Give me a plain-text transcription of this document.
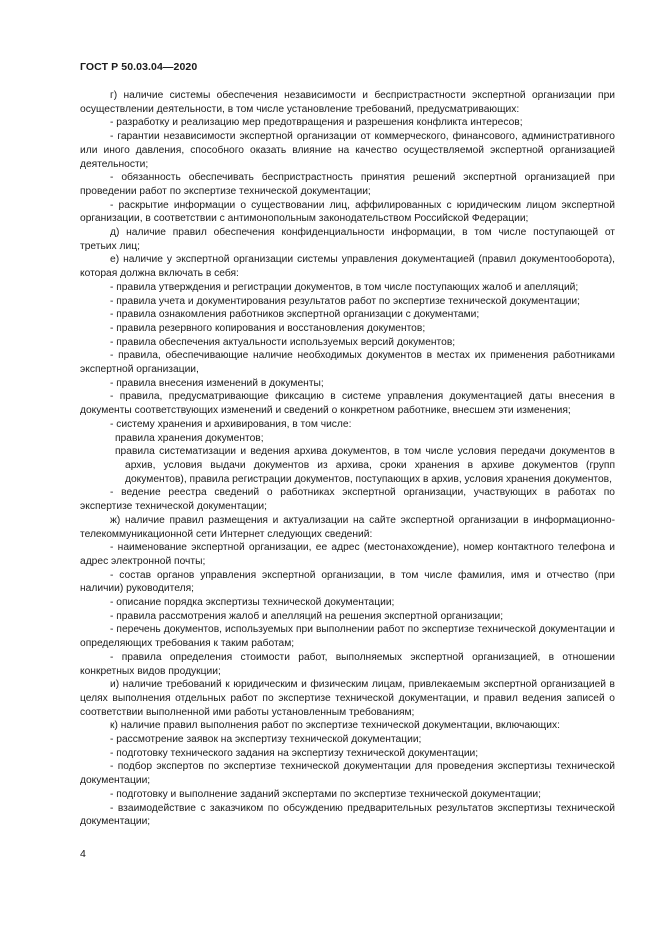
ГОСТ Р 50.03.04—2020

г) наличие системы обеспечения независимости и беспристрастности экспертной организации при осуществлении деятельности, в том числе установление требований, предусматривающих:

- разработку и реализацию мер предотвращения и разрешения конфликта интересов;

- гарантии независимости экспертной организации от коммерческого, финансового, административного или иного давления, способного оказать влияние на качество осуществляемой экспертной организацией деятельности;

- обязанность обеспечивать беспристрастность принятия решений экспертной организацией при проведении работ по экспертизе технической документации;

- раскрытие информации о существовании лиц, аффилированных с юридическим лицом экспертной организации, в соответствии с антимонопольным законодательством Российской Федерации;

д) наличие правил обеспечения конфиденциальности информации, в том числе поступающей от третьих лиц;

е) наличие у экспертной организации системы управления документацией (правил документооборота), которая должна включать в себя:

- правила утверждения и регистрации документов, в том числе поступающих жалоб и апелляций;

- правила учета и документирования результатов работ по экспертизе технической документации;

- правила ознакомления работников экспертной организации с документами;

- правила резервного копирования и восстановления документов;

- правила обеспечения актуальности используемых версий документов;

- правила, обеспечивающие наличие необходимых документов в местах их применения работниками экспертной организации,

- правила внесения изменений в документы;

- правила, предусматривающие фиксацию в системе управления документацией даты внесения в документы соответствующих изменений и сведений о конкретном работнике, внесшем эти изменения;

- систему хранения и архивирования, в том числе:

правила хранения документов;

правила систематизации и ведения архива документов, в том числе условия передачи документов в архив, условия выдачи документов из архива, сроки хранения в архиве документов (групп документов), правила регистрации документов, поступающих в архив, условия хранения документов,

- ведение реестра сведений о работниках экспертной организации, участвующих в работах по экспертизе технической документации;

ж) наличие правил размещения и актуализации на сайте экспертной организации в информационно-телекоммуникационной сети Интернет следующих сведений:

- наименование экспертной организации, ее адрес (местонахождение), номер контактного телефона и адрес электронной почты;

- состав органов управления экспертной организации, в том числе фамилия, имя и отчество (при наличии) руководителя;

- описание порядка экспертизы технической документации;

- правила рассмотрения жалоб и апелляций на решения экспертной организации;

- перечень документов, используемых при выполнении работ по экспертизе технической документации и определяющих требования к таким работам;

- правила определения стоимости работ, выполняемых экспертной организацией, в отношении конкретных видов продукции;

и) наличие требований к юридическим и физическим лицам, привлекаемым экспертной организацией в целях выполнения отдельных работ по экспертизе технической документации, и правил ведения записей о соответствии выполненной ими работы установленным требованиям;

к) наличие правил выполнения работ по экспертизе технической документации, включающих:

- рассмотрение заявок на экспертизу технической документации;

- подготовку технического задания на экспертизу технической документации;

- подбор экспертов по экспертизе технической документации для проведения экспертизы технической документации;

- подготовку и выполнение заданий экспертами по экспертизе технической документации;

- взаимодействие с заказчиком по обсуждению предварительных результатов экспертизы технической документации;

4
